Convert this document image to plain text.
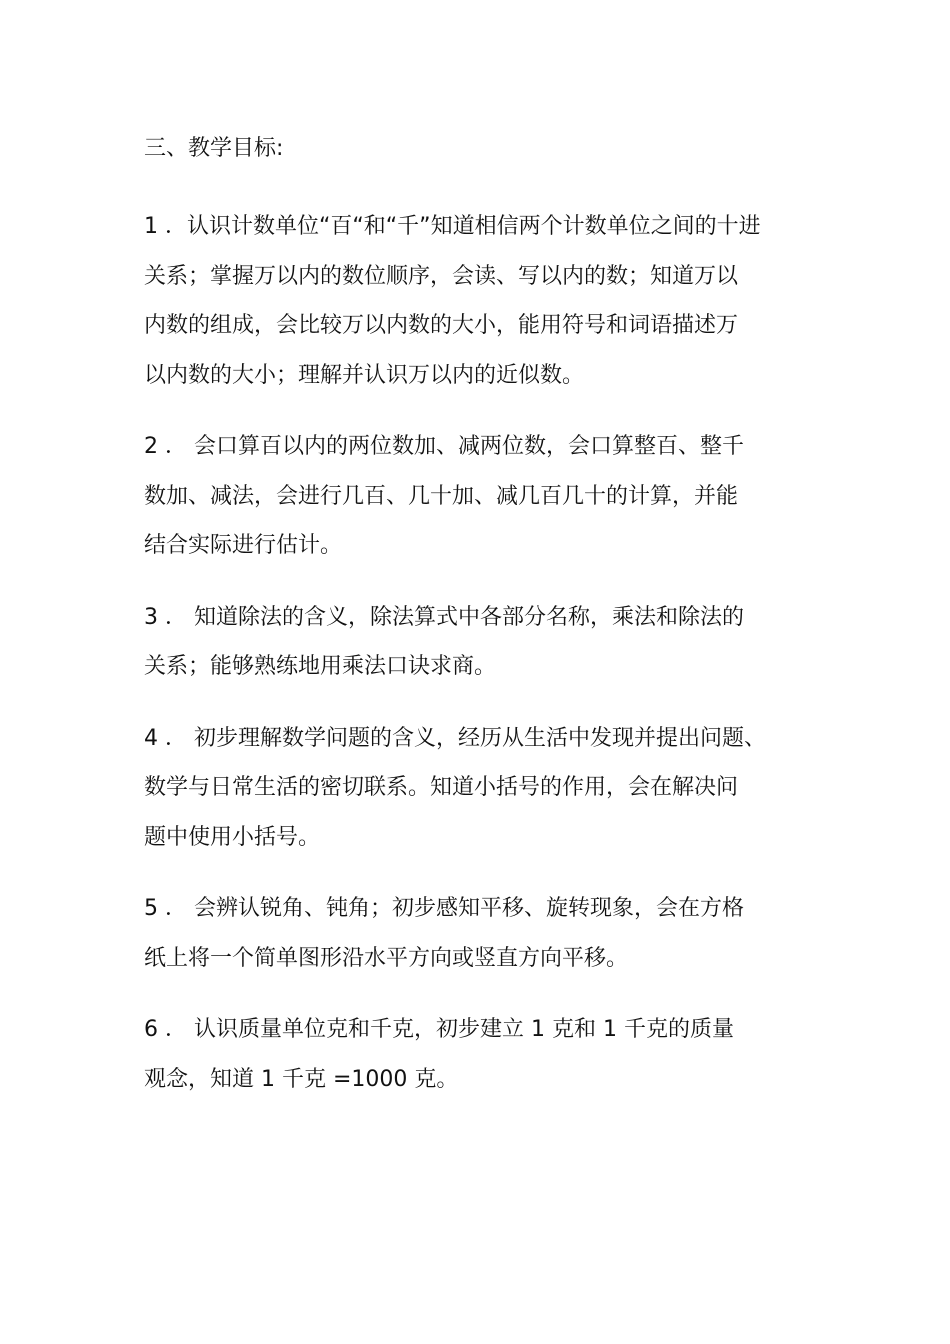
三、教学目标:
1 ．认识计数单位“百“和“千”知道相信两个计数单位之间的十进
关系；掌握万以内的数位顺序，会读、写以内的数；知道万以
内数的组成，会比较万以内数的大小，能用符号和词语描述万
以内数的大小；理解并认识万以内的近似数。
2 ． 会口算百以内的两位数加、减两位数，会口算整百、整千
数加、减法，会进行几百、几十加、减几百几十的计算，并能
结合实际进行估计。
3 ． 知道除法的含义，除法算式中各部分名称，乘法和除法的
关系；能够熟练地用乘法口诀求商。
4 ． 初步理解数学问题的含义，经历从生活中发现并提出问题、
数学与日常生活的密切联系。知道小括号的作用，会在解决问
题中使用小括号。
5 ． 会辨认锐角、钝角；初步感知平移、旋转现象，会在方格
纸上将一个简单图形沿水平方向或竖直方向平移。
6 ． 认识质量单位克和千克，初步建立 1 克和 1 千克的质量
观念，知道 1 千克 =1000 克。
